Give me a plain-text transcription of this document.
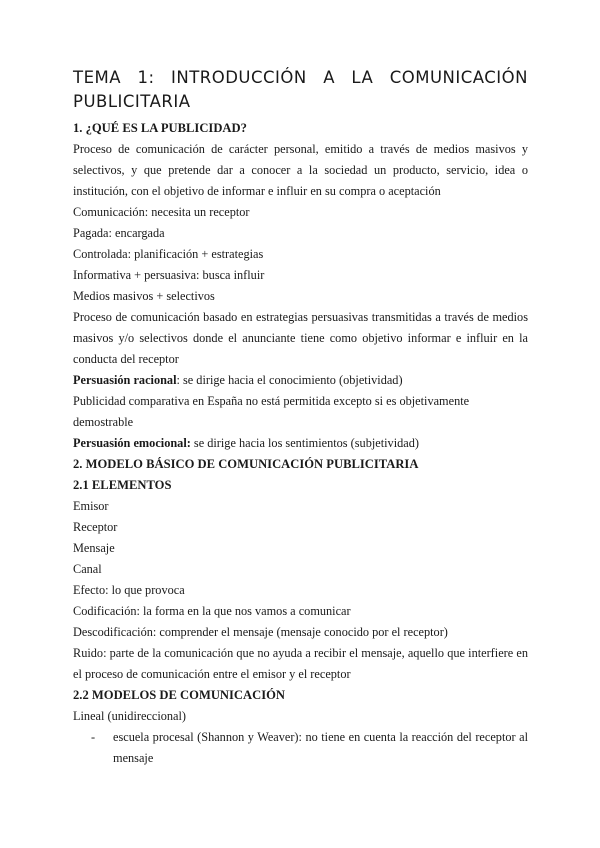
TEMA 1: INTRODUCCIÓN A LA COMUNICACIÓN

PUBLICITARIA

1. ¿QUÉ ES LA PUBLICIDAD?

Proceso de comunicación de carácter personal, emitido a través de medios masivos y selectivos, y que pretende dar a conocer a la sociedad un producto, servicio, idea o institución, con el objetivo de informar e influir en su compra o aceptación

Comunicación: necesita un receptor

Pagada: encargada

Controlada: planificación + estrategias

Informativa + persuasiva: busca influir

Medios masivos + selectivos

Proceso de comunicación basado en estrategias persuasivas transmitidas a través de medios masivos y/o selectivos donde el anunciante tiene como objetivo informar e influir en la conducta del receptor

Persuasión racional: se dirige hacia el conocimiento (objetividad)

Publicidad comparativa en España no está permitida excepto si es objetivamente demostrable

Persuasión emocional: se dirige hacia los sentimientos (subjetividad)

2. MODELO BÁSICO DE COMUNICACIÓN PUBLICITARIA

2.1 ELEMENTOS

Emisor

Receptor

Mensaje

Canal

Efecto: lo que provoca

Codificación: la forma en la que nos vamos a comunicar

Descodificación: comprender el mensaje (mensaje conocido por el receptor)

Ruido: parte de la comunicación que no ayuda a recibir el mensaje, aquello que interfiere en el proceso de comunicación entre el emisor y el receptor

2.2 MODELOS DE COMUNICACIÓN

Lineal (unidireccional)

-	escuela procesal (Shannon y Weaver): no tiene en cuenta la reacción del receptor al mensaje
